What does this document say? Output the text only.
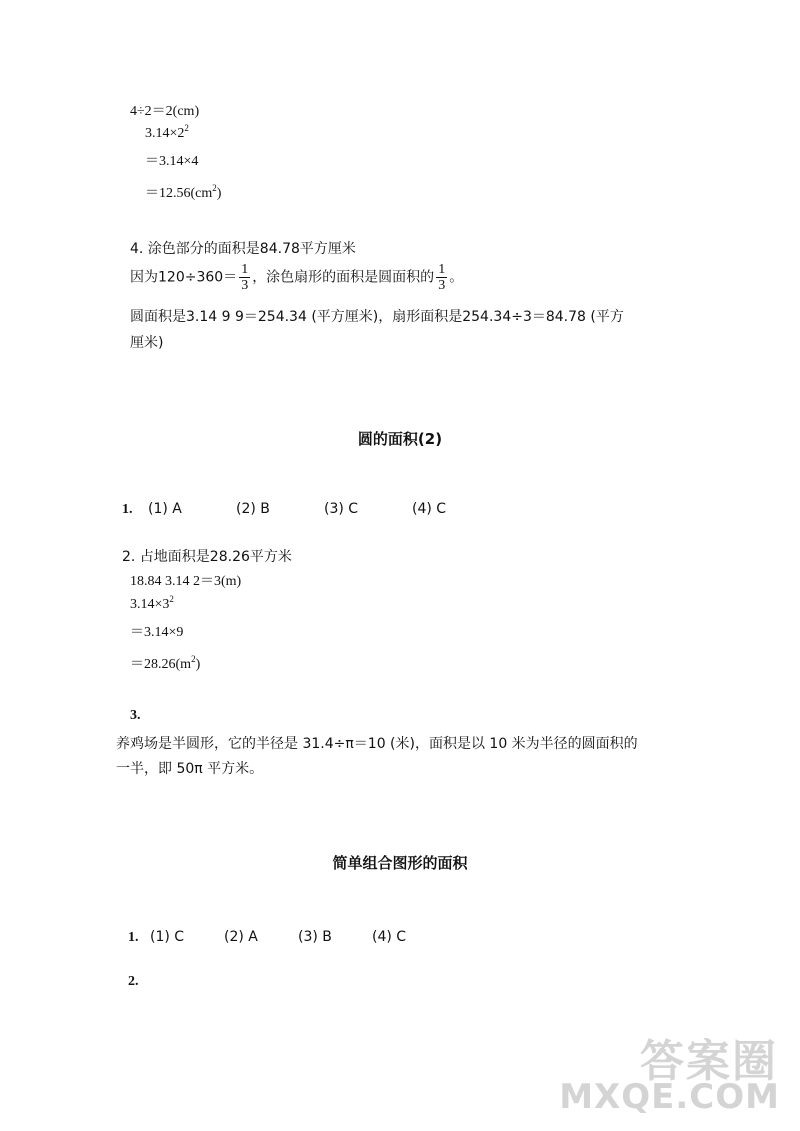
4÷2＝2(cm)
$3.14\times 2^2$
＝3.14×4
$=12.56(cm^2)$
4. 涂色部分的面积是84.78平方厘米
因为$120\div 360= \frac{1}{3}$ ，涂色扇形的面积是圆面积的 $\frac{1}{3}$ 。
圆面积是3.14 9 9＝254.34 (平方厘米)，扇形面积是254.34÷3＝84.78 (平方
厘米)
圆的面积(2)
1. (1) A	(2) B	(3) C	(4) C
2. 占地面积是28.26平方米
18.84 3.14 2＝3(m)
$3.14\times 3^2$
＝3.14×9
$=28.26(m^2)$
3.
养鸡场是半圆形，它的半径是 31.4÷π＝10 (米)，面积是以 10 米为半径的圆面积的
一半，即 50π 平方米。
简单组合图形的面积
1. (1) C	(2) A	(3) B	(4) C
2.
答案圈
MXQE.COM
